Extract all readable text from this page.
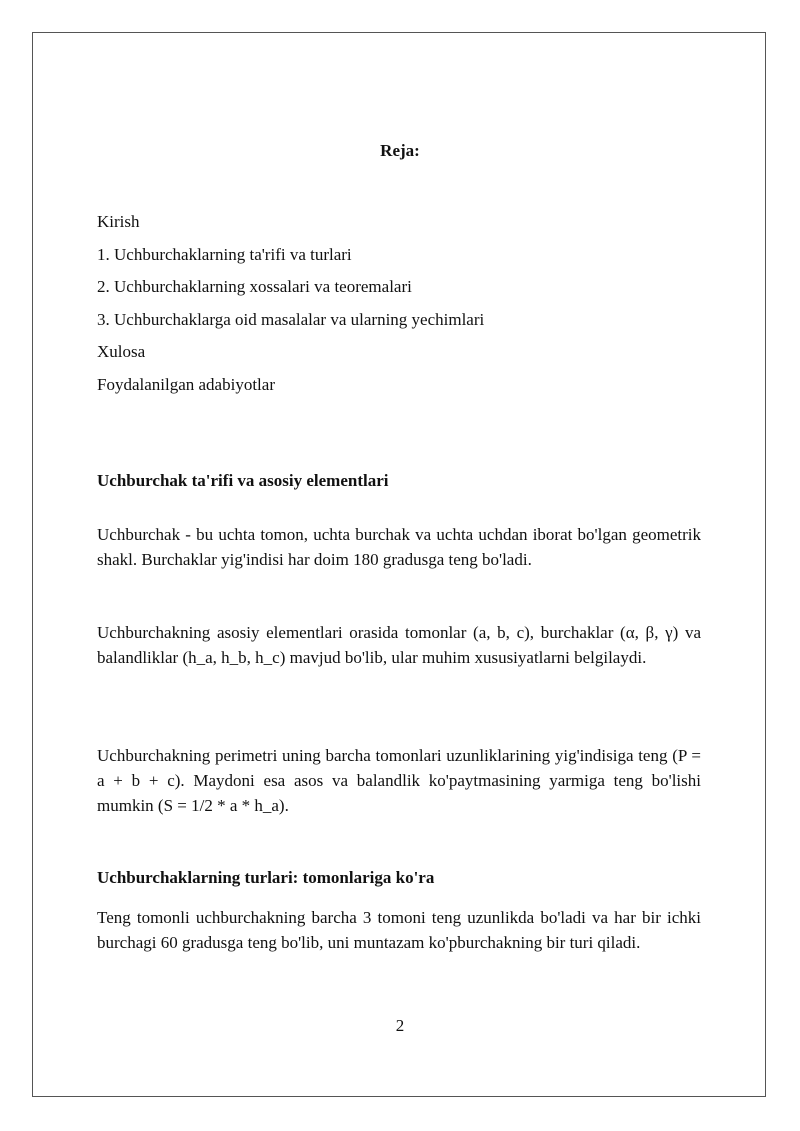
Reja:
Kirish
1. Uchburchaklarning ta'rifi va turlari
2. Uchburchaklarning xossalari va teoremalari
3. Uchburchaklarga oid masalalar va ularning yechimlari
Xulosa
Foydalanilgan adabiyotlar
Uchburchak ta'rifi va asosiy elementlari
Uchburchak - bu uchta tomon, uchta burchak va uchta uchdan iborat bo'lgan geometrik shakl. Burchaklar yig'indisi har doim 180 gradusga teng bo'ladi.
Uchburchakning asosiy elementlari orasida tomonlar (a, b, c), burchaklar (α, β, γ) va balandliklar (h_a, h_b, h_c) mavjud bo'lib, ular muhim xususiyatlarni belgilaydi.
Uchburchakning perimetri uning barcha tomonlari uzunliklarining yig'indisiga teng (P = a + b + c). Maydoni esa asos va balandlik ko'paytmasining yarmiga teng bo'lishi mumkin (S = 1/2 * a * h_a).
Uchburchaklarning turlari: tomonlariga ko'ra
Teng tomonli uchburchakning barcha 3 tomoni teng uzunlikda bo'ladi va har bir ichki burchagi 60 gradusga teng bo'lib, uni muntazam ko'pburchakning bir turi qiladi.
2
